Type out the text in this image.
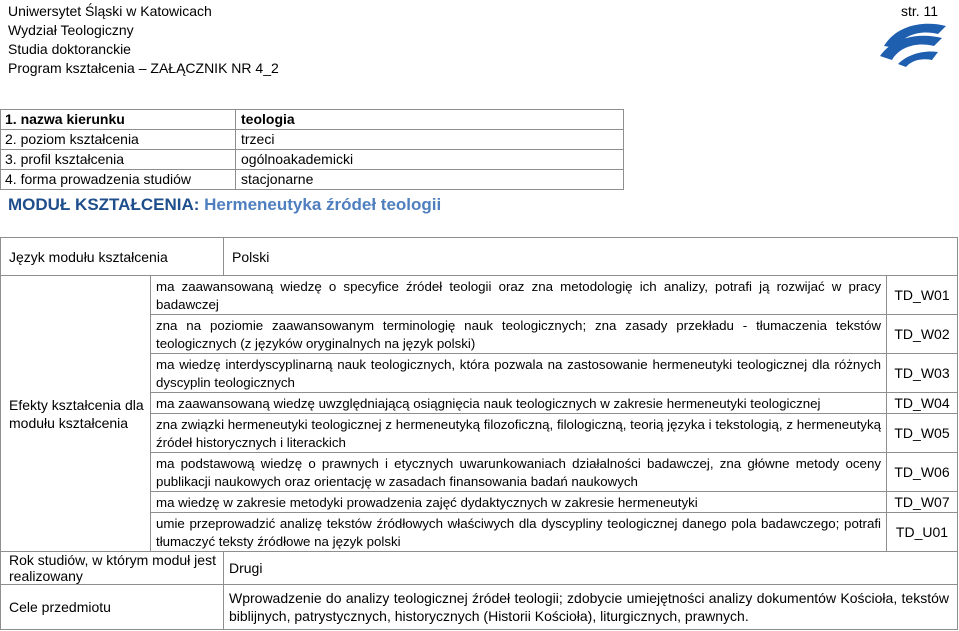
Uniwersytet Śląski w Katowicach
Wydział Teologiczny
Studia doktoranckie
Program kształcenia – ZAŁĄCZNIK NR 4_2
str. 11
1. nazwa kierunku	teologia
2. poziom kształcenia	trzeci
3. profil kształcenia	ogólnoakademicki
4. forma prowadzenia studiów	stacjonarne
MODUŁ KSZTAŁCENIA: Hermeneutyka źródeł teologii
Język modułu kształcenia		Polski
Efekty kształcenia dla modułu kształcenia	ma zaawansowaną wiedzę o specyfice źródeł teologii oraz zna metodologię ich analizy, potrafi ją rozwijać w pracy badawczej
TD_W01	

	zna na poziomie zaawansowanym terminologię nauk teologicznych; zna zasady przekładu - tłumaczenia tekstów teologicznych (z języków oryginalnych na język polski)
TD_W02	

	ma wiedzę interdyscyplinarną nauk teologicznych, która pozwala na zastosowanie hermeneutyki teologicznej dla różnych dyscyplin teologicznych
TD_W03	

	ma zaawansowaną wiedzę uwzględniającą osiągnięcia nauk teologicznych w zakresie hermeneutyki teologicznej TD_W04	

	zna związki hermeneutyki teologicznej z hermeneutyką filozoficzną, filologiczną, teorią języka i tekstologią, z hermeneutyką źródeł historycznych i literackich
TD_W05	

	ma podstawową wiedzę o prawnych i etycznych uwarunkowaniach działalności badawczej, zna główne metody oceny publikacji naukowych oraz orientację w zasadach finansowania badań naukowych
TD_W06	

	ma wiedzę w zakresie metodyki prowadzenia zajęć dydaktycznych w zakresie hermeneutyki TD_W07	

	umie przeprowadzić analizę tekstów źródłowych właściwych dla dyscypliny teologicznej danego pola badawczego; potrafi tłumaczyć teksty źródłowe na język polski
TD_U01	

Rok studiów, w którym moduł jest realizowany		Drugi
Cele przedmiotu		Wprowadzenie do analizy teologicznej źródeł teologii; zdobycie umiejętności analizy dokumentów Kościoła, tekstów biblijnych, patrystycznych, historycznych (Historii Kościoła), liturgicznych, prawnych.
